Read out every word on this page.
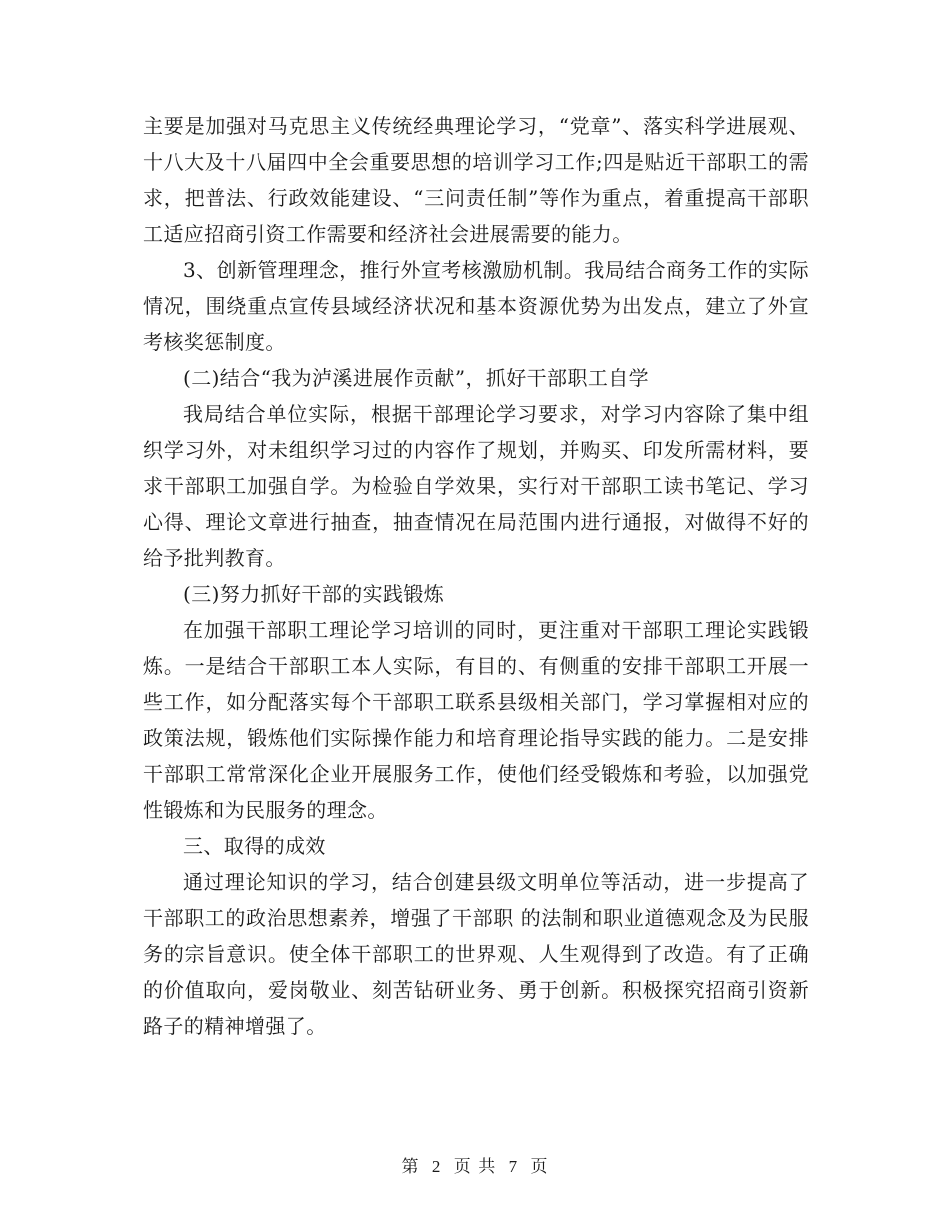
主要是加强对马克思主义传统经典理论学习，“党章”、落实科学进展观、十八大及十八届四中全会重要思想的培训学习工作;四是贴近干部职工的需求，把普法、行政效能建设、“三问责任制”等作为重点，着重提高干部职工适应招商引资工作需要和经济社会进展需要的能力。

3、创新管理理念，推行外宣考核激励机制。我局结合商务工作的实际情况，围绕重点宣传县域经济状况和基本资源优势为出发点，建立了外宣考核奖惩制度。

(二)结合“我为泸溪进展作贡献”，抓好干部职工自学

我局结合单位实际，根据干部理论学习要求，对学习内容除了集中组织学习外，对未组织学习过的内容作了规划，并购买、印发所需材料，要求干部职工加强自学。为检验自学效果，实行对干部职工读书笔记、学习心得、理论文章进行抽查，抽查情况在局范围内进行通报，对做得不好的给予批判教育。

(三)努力抓好干部的实践锻炼

在加强干部职工理论学习培训的同时，更注重对干部职工理论实践锻炼。一是结合干部职工本人实际，有目的、有侧重的安排干部职工开展一些工作，如分配落实每个干部职工联系县级相关部门，学习掌握相对应的政策法规，锻炼他们实际操作能力和培育理论指导实践的能力。二是安排干部职工常常深化企业开展服务工作，使他们经受锻炼和考验，以加强党性锻炼和为民服务的理念。

三、取得的成效

通过理论知识的学习，结合创建县级文明单位等活动，进一步提高了干部职工的政治思想素养，增强了干部职 的法制和职业道德观念及为民服务的宗旨意识。使全体干部职工的世界观、人生观得到了改造。有了正确的价值取向，爱岗敬业、刻苦钻研业务、勇于创新。积极探究招商引资新路子的精神增强了。

第 2 页 共 7 页
